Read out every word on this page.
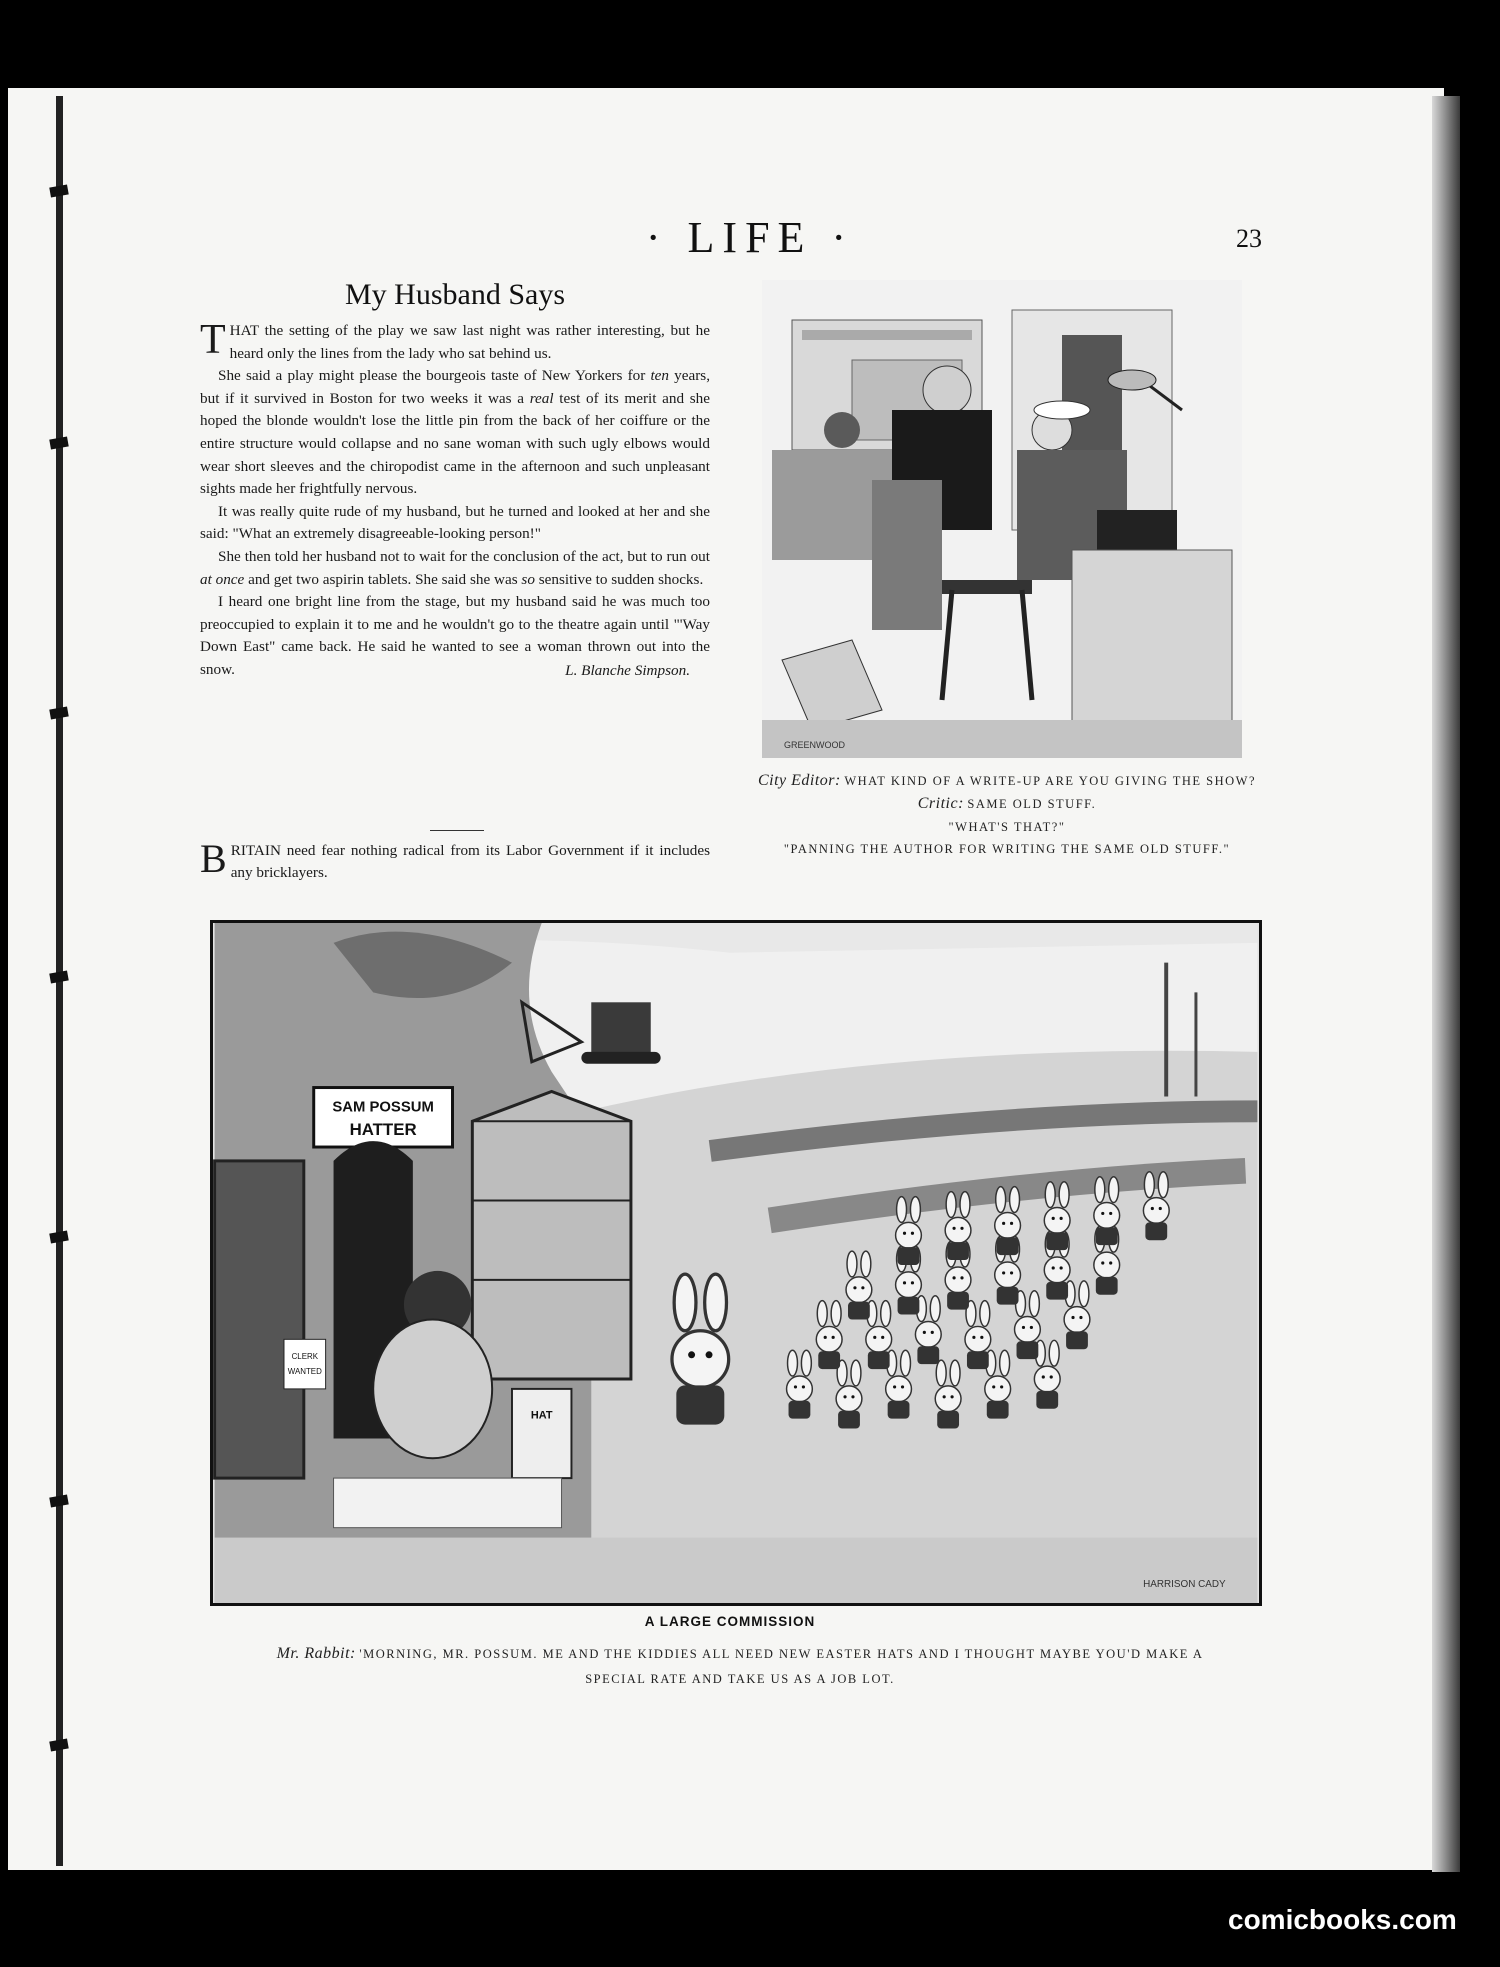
· LIFE ·	23
My Husband Says

THAT the setting of the play we saw last night was rather interesting, but he heard only the lines from the lady who sat behind us.

She said a play might please the bourgeois taste of New Yorkers for ten years, but if it survived in Boston for two weeks it was a real test of its merit and she hoped the blonde wouldn't lose the little pin from the back of her coiffure or the entire structure would collapse and no sane woman with such ugly elbows would wear short sleeves and the chiropodist came in the afternoon and such unpleasant sights made her frightfully nervous.

It was really quite rude of my husband, but he turned and looked at her and she said: "What an extremely disagreeable-looking person!"

She then told her husband not to wait for the conclusion of the act, but to run out at once and get two aspirin tablets. She said she was so sensitive to sudden shocks.

I heard one bright line from the stage, but my husband said he was much too preoccupied to explain it to me and he wouldn't go to the theatre again until "'Way Down East" came back. He said he wanted to see a woman thrown out into the snow.	L. Blanche Simpson.
BRITAIN need fear nothing radical from its Labor Government if it includes any bricklayers.
GREENWOOD
City Editor: WHAT KIND OF A WRITE-UP ARE YOU GIVING THE SHOW?
Critic: SAME OLD STUFF.
"WHAT'S THAT?"
"PANNING THE AUTHOR FOR WRITING THE SAME OLD STUFF."
SAM POSSUM
HATTER
CLERK
WANTED
HAT
HARRISON CADY
A LARGE COMMISSION
Mr. Rabbit: 'MORNING, MR. POSSUM. ME AND THE KIDDIES ALL NEED NEW EASTER HATS AND I THOUGHT MAYBE YOU'D MAKE A SPECIAL RATE AND TAKE US AS A JOB LOT.
comicbooks.com
